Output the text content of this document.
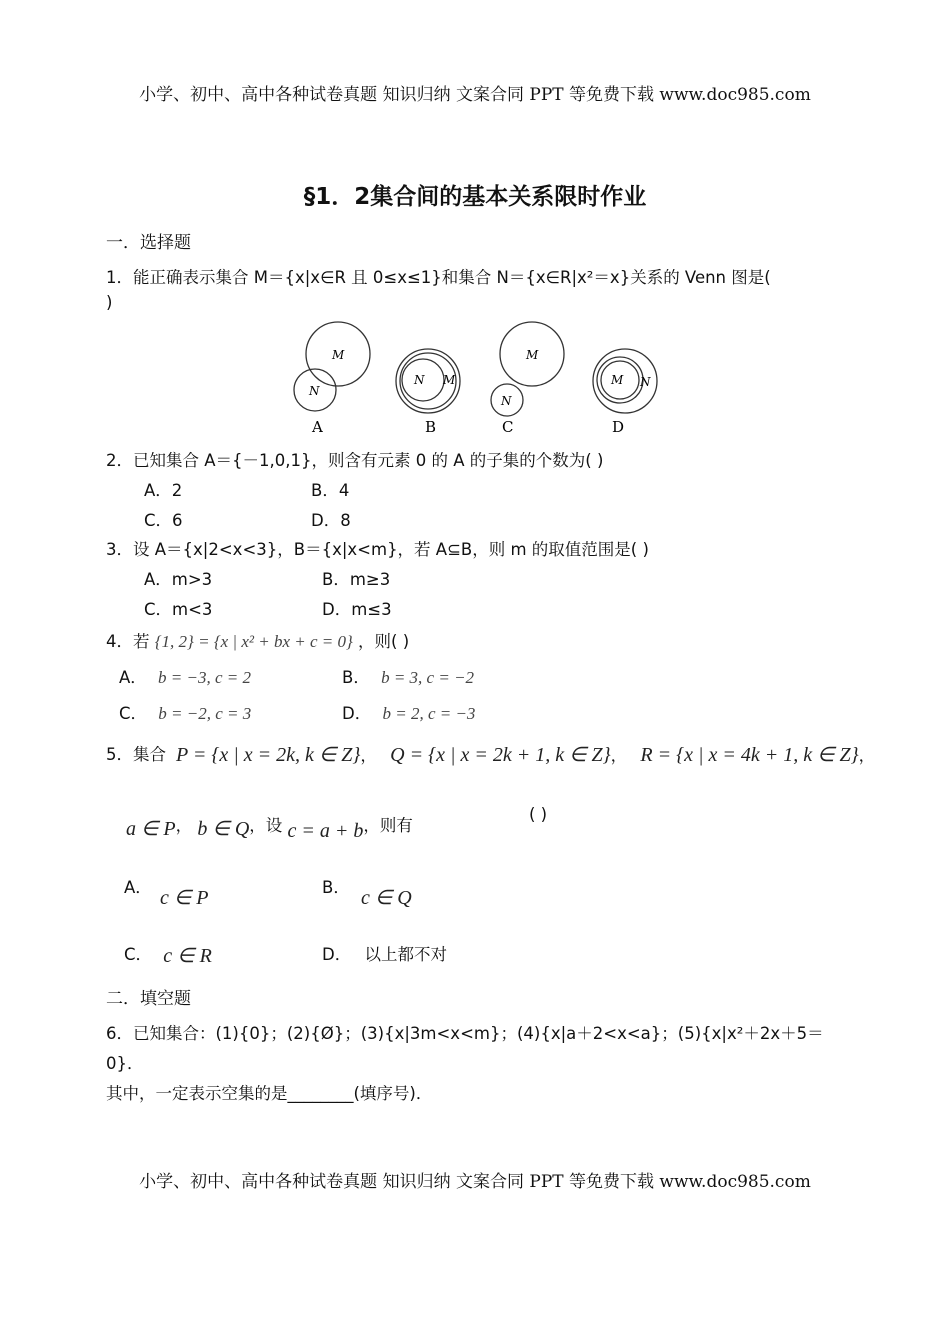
小学、初中、高中各种试卷真题 知识归纳 文案合同 PPT 等免费下载 www.doc985.com
§1．2集合间的基本关系限时作业
一．选择题
1．能正确表示集合 M＝{x|x∈R 且 0≤x≤1}和集合 N＝{x∈R|x²＝x}关系的 Venn 图是(
)
M
N
A
N M
B
M
N
C
M N
D
2．已知集合 A＝{－1,0,1}，则含有元素 0 的 A 的子集的个数为( )
A．2	B．4
C．6	D．8
3．设 A＝{x|2<x<3}，B＝{x|x<m}，若 A⊆B，则 m 的取值范围是( )
A．m>3	B．m≥3
C．m<3	D．m≤3
4．若 {1, 2} = {x | x² + bx + c = 0} ，则( )
A． b = −3, c = 2	B． b = 3, c = −2
C． b = −2, c = 3	D． b = 2, c = −3
5．集合 P = {x | x = 2k, k ∈ Z}， Q = {x | x = 2k + 1, k ∈ Z}， R = {x | x = 4k + 1, k ∈ Z}，
a ∈ P， b ∈ Q，设 c = a + b，则有
( )
A． c ∈ P	B． c ∈ Q
C． c ∈ R	D． 以上都不对
二．填空题
6．已知集合：(1){0}；(2){Ø}；(3){x|3m<x<m}；(4){x|a＋2<x<a}；(5){x|x²＋2x＋5＝
0}．
其中，一定表示空集的是________(填序号)．
小学、初中、高中各种试卷真题 知识归纳 文案合同 PPT 等免费下载 www.doc985.com
